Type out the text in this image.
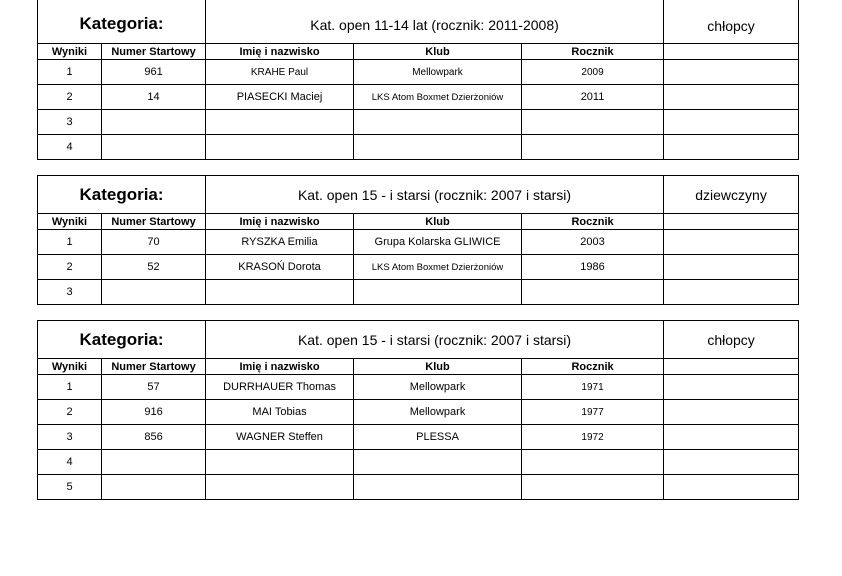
Kategoria:		Kat. open 11-14 lat (rocznik: 2011-2008)			chłopcy
Wyniki	Numer Startowy	Imię i nazwisko	Klub	Rocznik	
1	961	KRAHE Paul	Mellowpark	2009	
2	14	PIASECKI Maciej	LKS Atom Boxmet Dzierżoniów	2011	
3					
4					
Kategoria:		Kat. open 15 - i starsi (rocznik: 2007 i starsi)			dziewczyny
Wyniki	Numer Startowy	Imię i nazwisko	Klub	Rocznik	
1	70	RYSZKA Emilia	Grupa Kolarska GLIWICE	2003	
2	52	KRASOŃ Dorota	LKS Atom Boxmet Dzierżoniów	1986	
3					
Kategoria:		Kat. open 15 - i starsi (rocznik: 2007 i starsi)			chłopcy
Wyniki	Numer Startowy	Imię i nazwisko	Klub	Rocznik	
1	57	DURRHAUER Thomas	Mellowpark	1971	
2	916	MAI Tobias	Mellowpark	1977	
3	856	WAGNER Steffen	PLESSA	1972	
4					
5					
